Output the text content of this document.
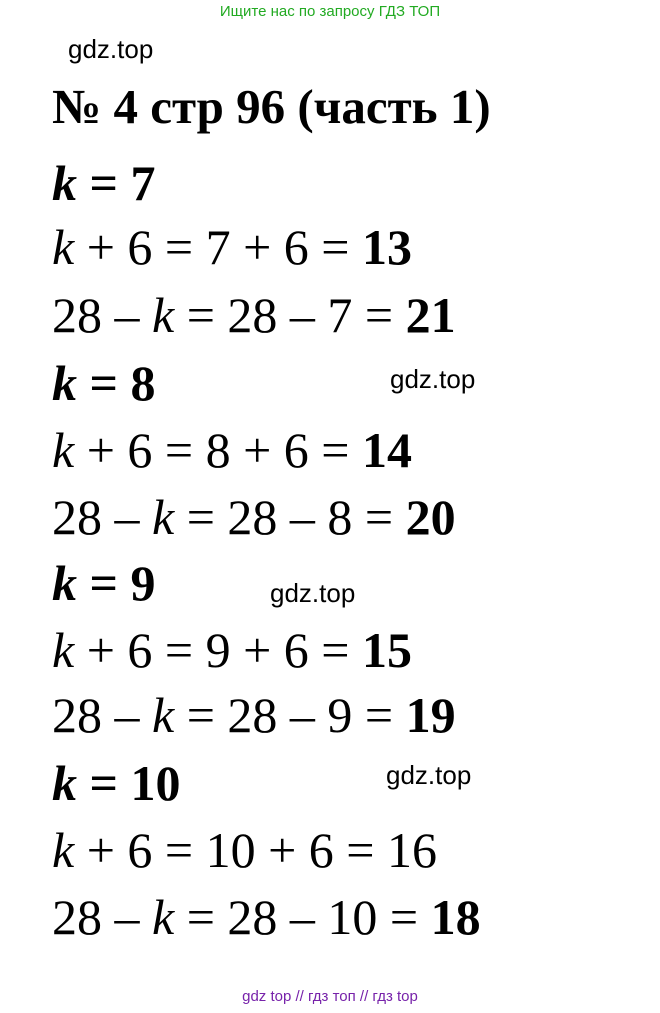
Ищите нас по запросу ГДЗ ТОП
gdz.top
gdz.top
gdz.top
gdz.top
№ 4 стр 96 (часть 1)
k = 7
k + 6 = 7 + 6 = 13
28 – k = 28 – 7 = 21
k = 8
k + 6 = 8 + 6 = 14
28 – k = 28 – 8 = 20
k = 9
k + 6 = 9 + 6 = 15
28 – k = 28 – 9 = 19
k = 10
k + 6 = 10 + 6 = 16
28 – k = 28 – 10 = 18
gdz top // гдз топ // гдз top
